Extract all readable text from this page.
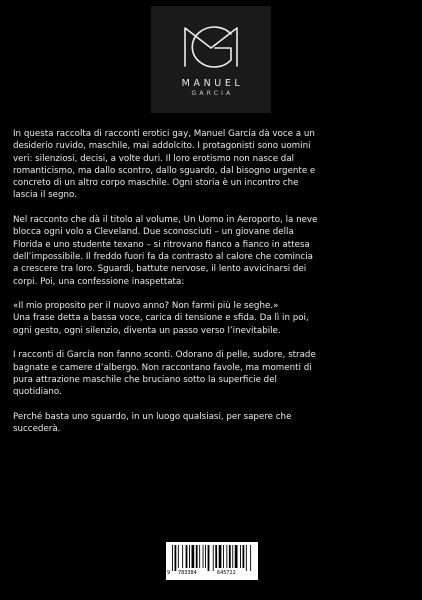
MANUEL
GARCIA

In questa raccolta di racconti erotici gay, Manuel García dà voce a un
desiderio ruvido, maschile, mai addolcito. I protagonisti sono uomini
veri: silenziosi, decisi, a volte duri. Il loro erotismo non nasce dal
romanticismo, ma dallo scontro, dallo sguardo, dal bisogno urgente e
concreto di un altro corpo maschile. Ogni storia è un incontro che
lascia il segno.

Nel racconto che dà il titolo al volume, Un Uomo in Aeroporto, la neve
blocca ogni volo a Cleveland. Due sconosciuti – un giovane della
Florida e uno studente texano – si ritrovano fianco a fianco in attesa
dell’impossibile. Il freddo fuori fa da contrasto al calore che comincia
a crescere tra loro. Sguardi, battute nervose, il lento avvicinarsi dei
corpi. Poi, una confessione inaspettata:

«Il mio proposito per il nuovo anno? Non farmi più le seghe.»
Una frase detta a bassa voce, carica di tensione e sfida. Da lì in poi,
ogni gesto, ogni silenzio, diventa un passo verso l’inevitabile.

I racconti di García non fanno sconti. Odorano di pelle, sudore, strade
bagnate e camere d’albergo. Non raccontano favole, ma momenti di
pura attrazione maschile che bruciano sotto la superficie del
quotidiano.

Perché basta uno sguardo, in un luogo qualsiasi, per sapere che
succederà.

9 783384	645722
